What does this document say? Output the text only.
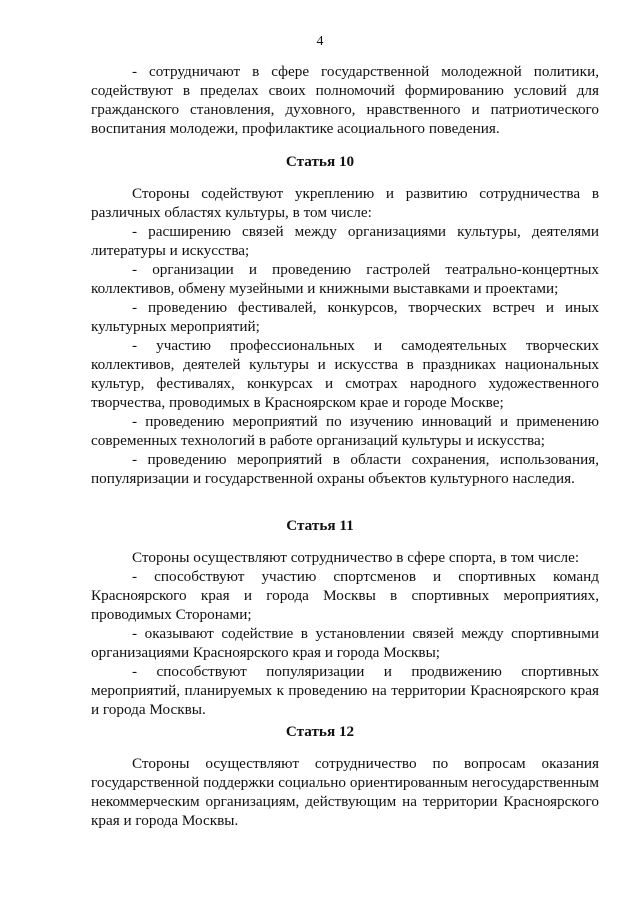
4

- сотрудничают в сфере государственной молодежной политики, содействуют в пределах своих полномочий формированию условий для гражданского становления, духовного, нравственного и патриотического воспитания молодежи, профилактике асоциального поведения.

Статья 10

Стороны содействуют укреплению и развитию сотрудничества в различных областях культуры, в том числе:

- расширению связей между организациями культуры, деятелями литературы и искусства;

- организации и проведению гастролей театрально-концертных коллективов, обмену музейными и книжными выставками и проектами;

- проведению фестивалей, конкурсов, творческих встреч и иных культурных мероприятий;

- участию профессиональных и самодеятельных творческих коллективов, деятелей культуры и искусства в праздниках национальных культур, фестивалях, конкурсах и смотрах народного художественного творчества, проводимых в Красноярском крае и городе Москве;

- проведению мероприятий по изучению инноваций и применению современных технологий в работе организаций культуры и искусства;

- проведению мероприятий в области сохранения, использования, популяризации и государственной охраны объектов культурного наследия.

Статья 11

Стороны осуществляют сотрудничество в сфере спорта, в том числе:

- способствуют участию спортсменов и спортивных команд Красноярского края и города Москвы в спортивных мероприятиях, проводимых Сторонами;

- оказывают содействие в установлении связей между спортивными организациями Красноярского края и города Москвы;

- способствуют популяризации и продвижению спортивных мероприятий, планируемых к проведению на территории Красноярского края и города Москвы.

Статья 12

Стороны осуществляют сотрудничество по вопросам оказания государственной поддержки социально ориентированным негосударственным некоммерческим организациям, действующим на территории Красноярского края и города Москвы.
